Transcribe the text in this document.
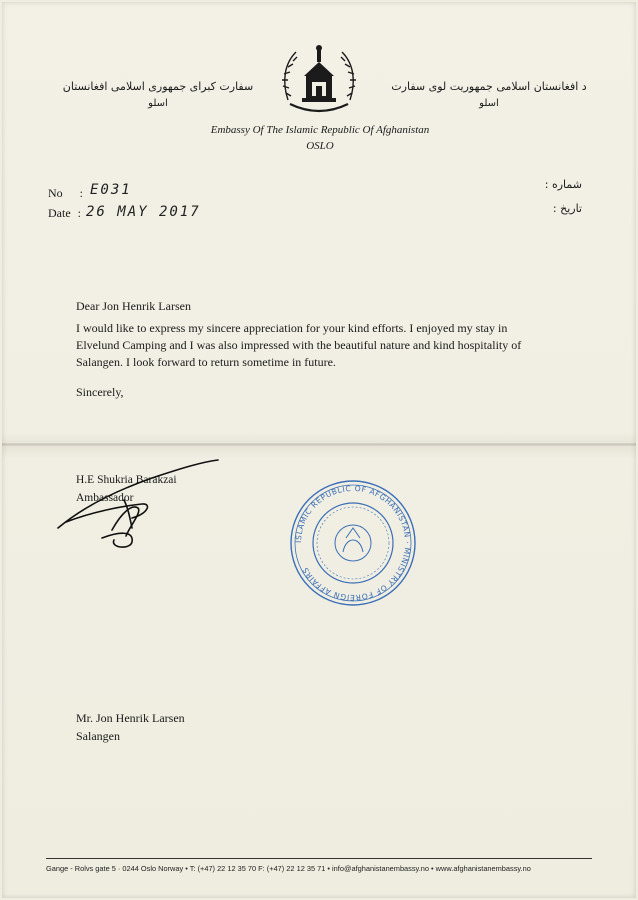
سفارت کبرای جمهوری اسلامی افغانستان
اسلو
د افغانستان اسلامی جمهوریت لوی سفارت
اسلو
Embassy Of The Islamic Republic Of Afghanistan
OSLO
No : E031
Date : 26 MAY 2017
شماره :
تاریخ :
Dear Jon Henrik Larsen
I would like to express my sincere appreciation for your kind efforts. I enjoyed my stay in Elvelund Camping and I was also impressed with the beautiful nature and kind hospitality of Salangen. I look forward to return sometime in future.
Sincerely,
H.E Shukria Barakzai
Ambassador
ISLAMIC REPUBLIC OF AFGHANISTAN · MINISTRY OF FOREIGN AFFAIRS
Mr. Jon Henrik Larsen
Salangen
Gange - Rolvs gate 5 · 0244 Oslo Norway • T: (+47) 22 12 35 70 F: (+47) 22 12 35 71 • info@afghanistanembassy.no • www.afghanistanembassy.no
